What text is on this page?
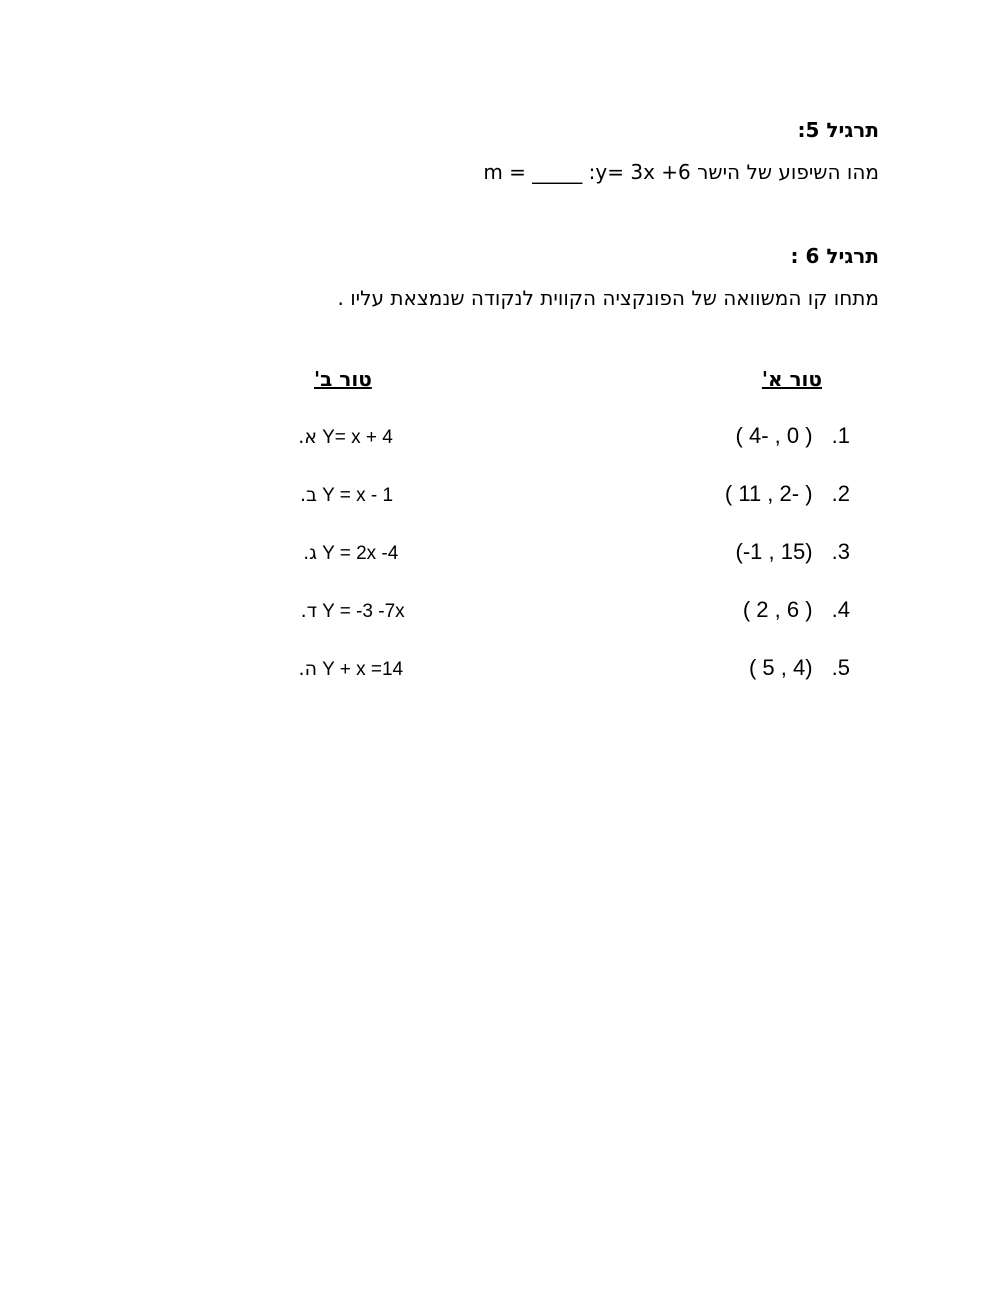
תרגיל 5:
מהו השיפוע של הישר :y= 3x +6 m = _____
תרגיל 6 :
מתחו קו המשוואה של הפונקציה הקווית לנקודה שנמצאת עליו .
טור א'
( 4- , 0 ) .1
( 11 , 2- ) .2
(-1 , 15) .3
( 2 , 6 ) .4
( 5 , 4) .5
טור ב'
א. Y= x + 4
ב. Y = x - 1
ג. Y = 2x -4
ד. Y = -3 -7x
ה. Y + x =14
